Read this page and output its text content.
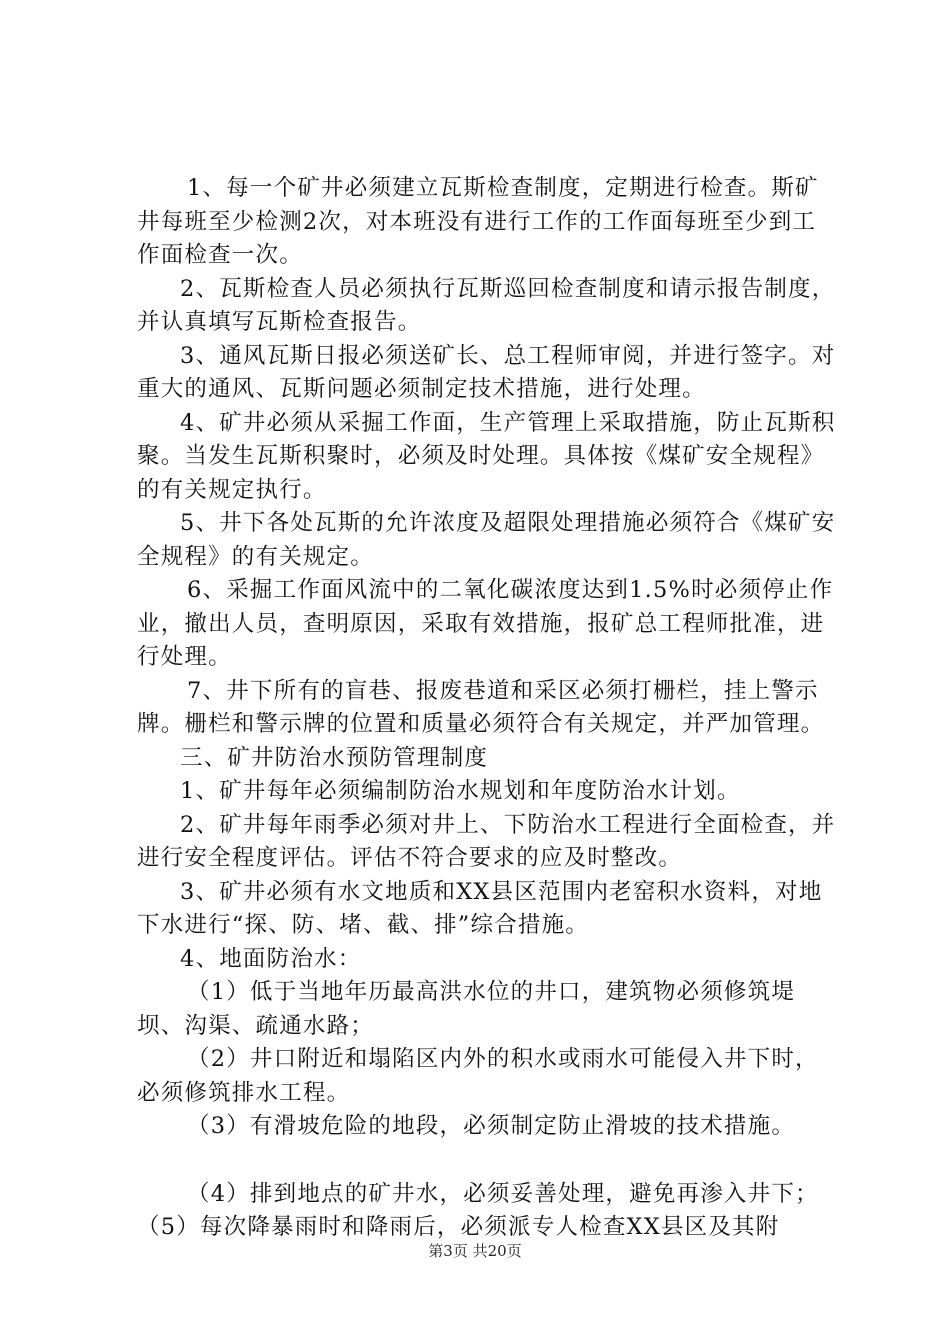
1、每一个矿井必须建立瓦斯检查制度，定期进行检查。斯矿井每班至少检测2次，对本班没有进行工作的工作面每班至少到工作面检查一次。

2、瓦斯检查人员必须执行瓦斯巡回检查制度和请示报告制度，并认真填写瓦斯检查报告。

3、通风瓦斯日报必须送矿长、总工程师审阅，并进行签字。对重大的通风、瓦斯问题必须制定技术措施，进行处理。

4、矿井必须从采掘工作面，生产管理上采取措施，防止瓦斯积聚。当发生瓦斯积聚时，必须及时处理。具体按《煤矿安全规程》的有关规定执行。

5、井下各处瓦斯的允许浓度及超限处理措施必须符合《煤矿安全规程》的有关规定。

6、采掘工作面风流中的二氧化碳浓度达到1.5%时必须停止作业，撤出人员，查明原因，采取有效措施，报矿总工程师批准，进行处理。

7、井下所有的盲巷、报废巷道和采区必须打栅栏，挂上警示牌。栅栏和警示牌的位置和质量必须符合有关规定，并严加管理。

三、矿井防治水预防管理制度

1、矿井每年必须编制防治水规划和年度防治水计划。

2、矿井每年雨季必须对井上、下防治水工程进行全面检查，并进行安全程度评估。评估不符合要求的应及时整改。

3、矿井必须有水文地质和XX县区范围内老窑积水资料，对地下水进行“探、防、堵、截、排”综合措施。

4、地面防治水：

（1）低于当地年历最高洪水位的井口，建筑物必须修筑堤坝、沟渠、疏通水路；

（2）井口附近和塌陷区内外的积水或雨水可能侵入井下时，必须修筑排水工程。

（3）有滑坡危险的地段，必须制定防止滑坡的技术措施。

（4）排到地点的矿井水，必须妥善处理，避免再渗入井下；

（5）每次降暴雨时和降雨后，必须派专人检查XX县区及其附

第3页 共20页
